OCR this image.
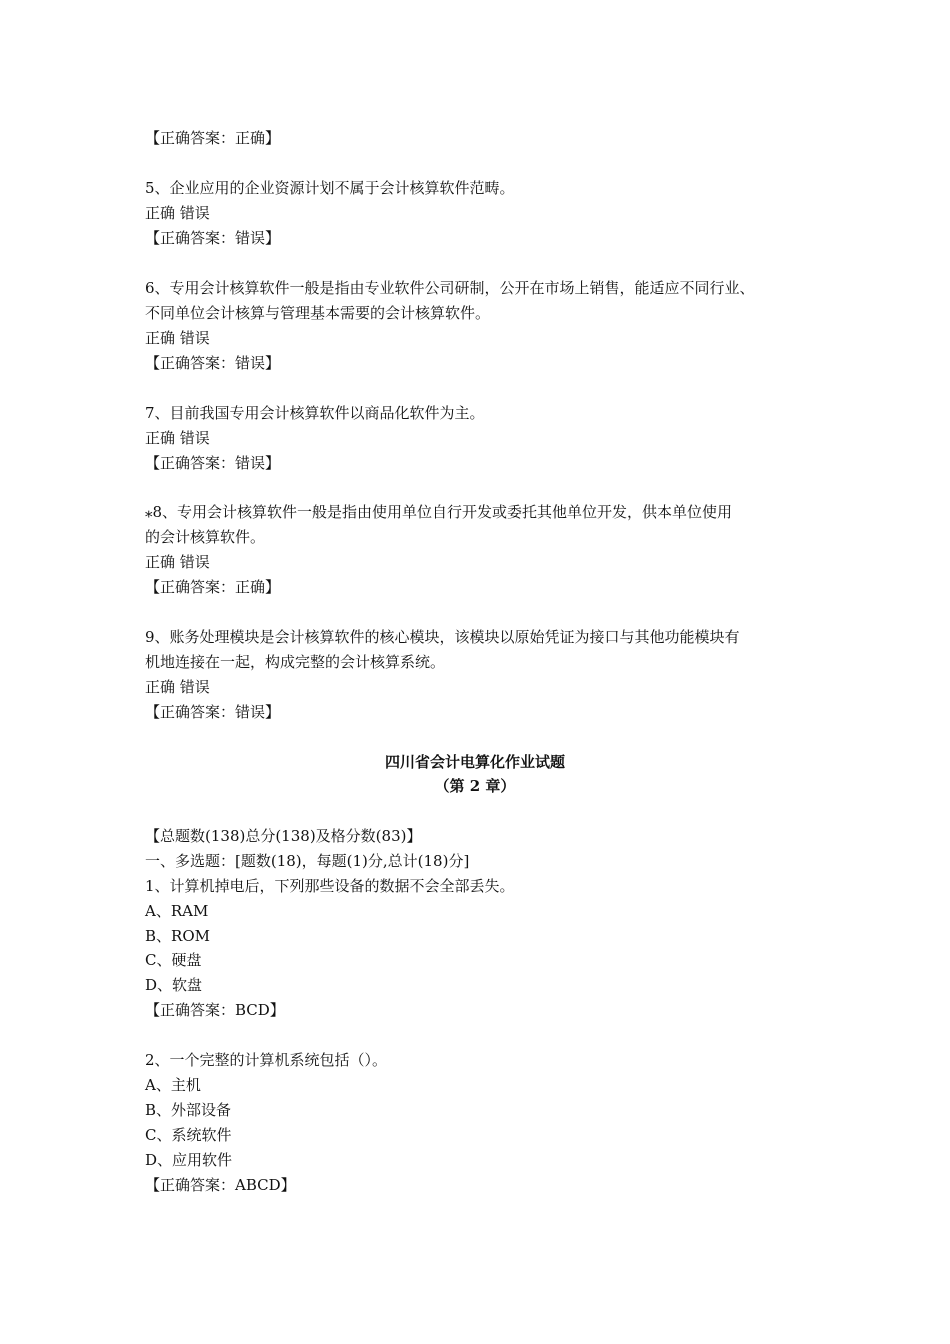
【正确答案：正确】
5、企业应用的企业资源计划不属于会计核算软件范畴。
正确 错误
【正确答案：错误】
6、专用会计核算软件一般是指由专业软件公司研制，公开在市场上销售，能适应不同行业、
不同单位会计核算与管理基本需要的会计核算软件。
正确 错误
【正确答案：错误】
7、目前我国专用会计核算软件以商品化软件为主。
正确 错误
【正确答案：错误】
⁎8、专用会计核算软件一般是指由使用单位自行开发或委托其他单位开发，供本单位使用
的会计核算软件。
正确 错误
【正确答案：正确】
9、账务处理模块是会计核算软件的核心模块，该模块以原始凭证为接口与其他功能模块有
机地连接在一起，构成完整的会计核算系统。
正确 错误
【正确答案：错误】
四川省会计电算化作业试题
（第 2 章）
【总题数(138)总分(138)及格分数(83)】
一、多选题：[题数(18)，每题(1)分,总计(18)分]
1、计算机掉电后，下列那些设备的数据不会全部丢失。
A、RAM
B、ROM
C、硬盘
D、软盘
【正确答案：BCD】
2、一个完整的计算机系统包括（）。
A、主机
B、外部设备
C、系统软件
D、应用软件
【正确答案：ABCD】
